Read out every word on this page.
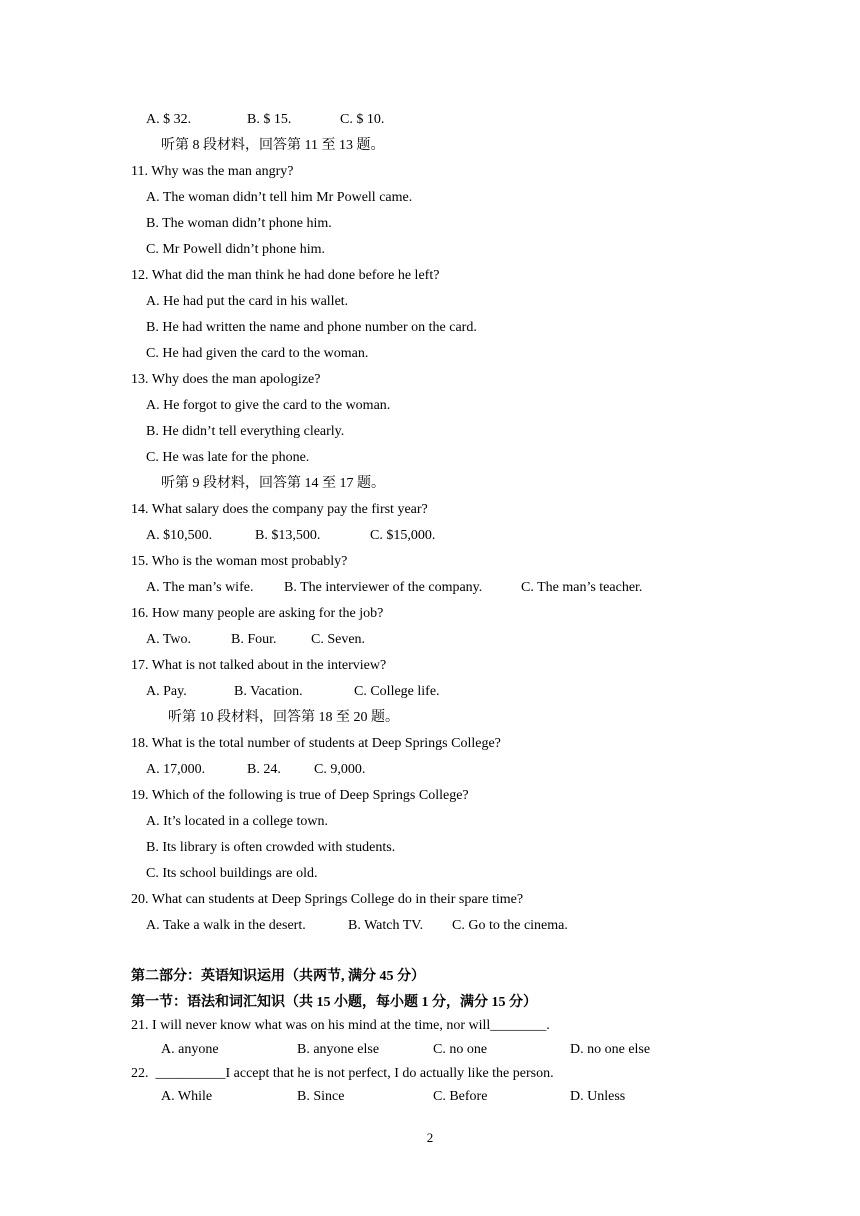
A. $ 32.	B. $ 15.	C. $ 10.
听第 8 段材料，回答第 11 至 13 题。
11. Why was the man angry?
A. The woman didn’t tell him Mr Powell came.
B. The woman didn’t phone him.
C. Mr Powell didn’t phone him.
12. What did the man think he had done before he left?
A. He had put the card in his wallet.
B. He had written the name and phone number on the card.
C. He had given the card to the woman.
13. Why does the man apologize?
A. He forgot to give the card to the woman.
B. He didn’t tell everything clearly.
C. He was late for the phone.
听第 9 段材料，回答第 14 至 17 题。
14. What salary does the company pay the first year?
A. $10,500.	B. $13,500.	C. $15,000.
15. Who is the woman most probably?
A. The man’s wife. B. The interviewer of the company.	C. The man’s teacher.
16. How many people are asking for the job?
A. Two.	B. Four. C. Seven.
17. What is not talked about in the interview?
A. Pay.	B. Vacation.	C. College life.
听第 10 段材料，回答第 18 至 20 题。
18. What is the total number of students at Deep Springs College?
A. 17,000.	B. 24. C. 9,000.
19. Which of the following is true of Deep Springs College?
A. It’s located in a college town.
B. Its library is often crowded with students.
C. Its school buildings are old.
20. What can students at Deep Springs College do in their spare time?
A. Take a walk in the desert.	B. Watch TV. C. Go to the cinema.
第二部分：英语知识运用（共两节, 满分 45 分）
第一节：语法和词汇知识（共 15 小题，每小题 1 分，满分 15 分）
21. I will never know what was on his mind at the time, nor will________.
A. anyone	B. anyone else	C. no one	D. no one else
22.  __________I accept that he is not perfect, I do actually like the person.
A. While	B. Since	C. Before	D. Unless
2
